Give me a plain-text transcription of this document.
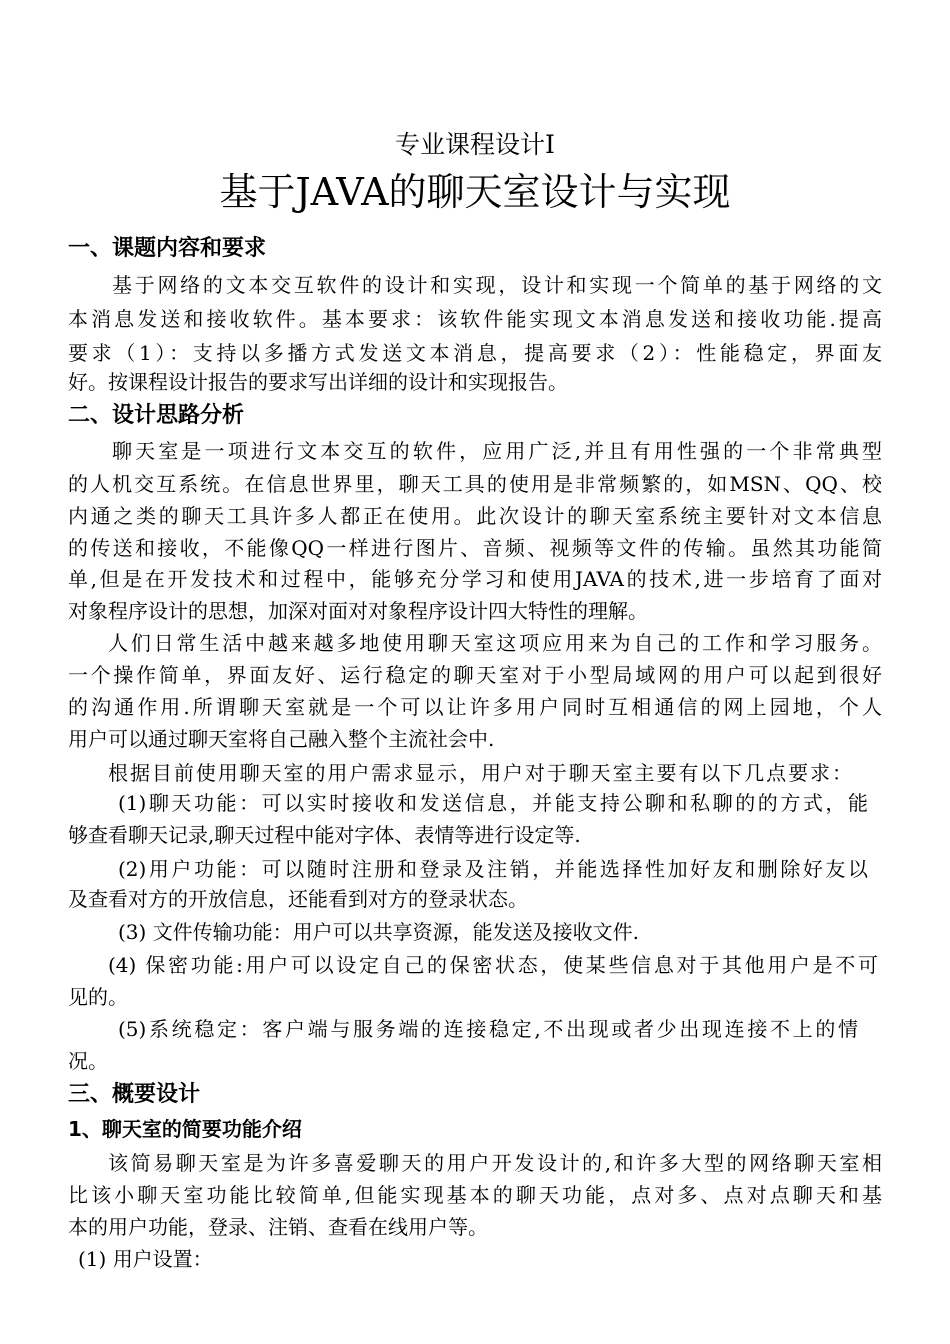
专业课程设计Ⅰ
基于JAVA的聊天室设计与实现
一、课题内容和要求
基于网络的文本交互软件的设计和实现，设计和实现一个简单的基于网络的文
本消息发送和接收软件。基本要求：该软件能实现文本消息发送和接收功能.提高
要求（1）：支持以多播方式发送文本消息，提高要求（2）：性能稳定，界面友
好。按课程设计报告的要求写出详细的设计和实现报告。
二、设计思路分析
聊天室是一项进行文本交互的软件，应用广泛,并且有用性强的一个非常典型
的人机交互系统。在信息世界里，聊天工具的使用是非常频繁的，如MSN、QQ、校
内通之类的聊天工具许多人都正在使用。此次设计的聊天室系统主要针对文本信息
的传送和接收，不能像QQ一样进行图片、音频、视频等文件的传输。虽然其功能简
单,但是在开发技术和过程中，能够充分学习和使用JAVA的技术,进一步培育了面对
对象程序设计的思想，加深对面对对象程序设计四大特性的理解。
人们日常生活中越来越多地使用聊天室这项应用来为自己的工作和学习服务。
一个操作简单，界面友好、运行稳定的聊天室对于小型局域网的用户可以起到很好
的沟通作用.所谓聊天室就是一个可以让许多用户同时互相通信的网上园地，个人
用户可以通过聊天室将自己融入整个主流社会中.
根据目前使用聊天室的用户需求显示，用户对于聊天室主要有以下几点要求：
(1)聊天功能：可以实时接收和发送信息，并能支持公聊和私聊的的方式，能
够查看聊天记录,聊天过程中能对字体、表情等进行设定等.
(2)用户功能：可以随时注册和登录及注销，并能选择性加好友和删除好友以
及查看对方的开放信息，还能看到对方的登录状态。
(3) 文件传输功能：用户可以共享资源，能发送及接收文件.
(4) 保密功能:用户可以设定自己的保密状态，使某些信息对于其他用户是不可
见的。
(5)系统稳定：客户端与服务端的连接稳定,不出现或者少出现连接不上的情
况。
三、概要设计
1、聊天室的简要功能介绍
该简易聊天室是为许多喜爱聊天的用户开发设计的,和许多大型的网络聊天室相
比该小聊天室功能比较简单,但能实现基本的聊天功能，点对多、点对点聊天和基
本的用户功能，登录、注销、查看在线用户等。
(1) 用户设置：
